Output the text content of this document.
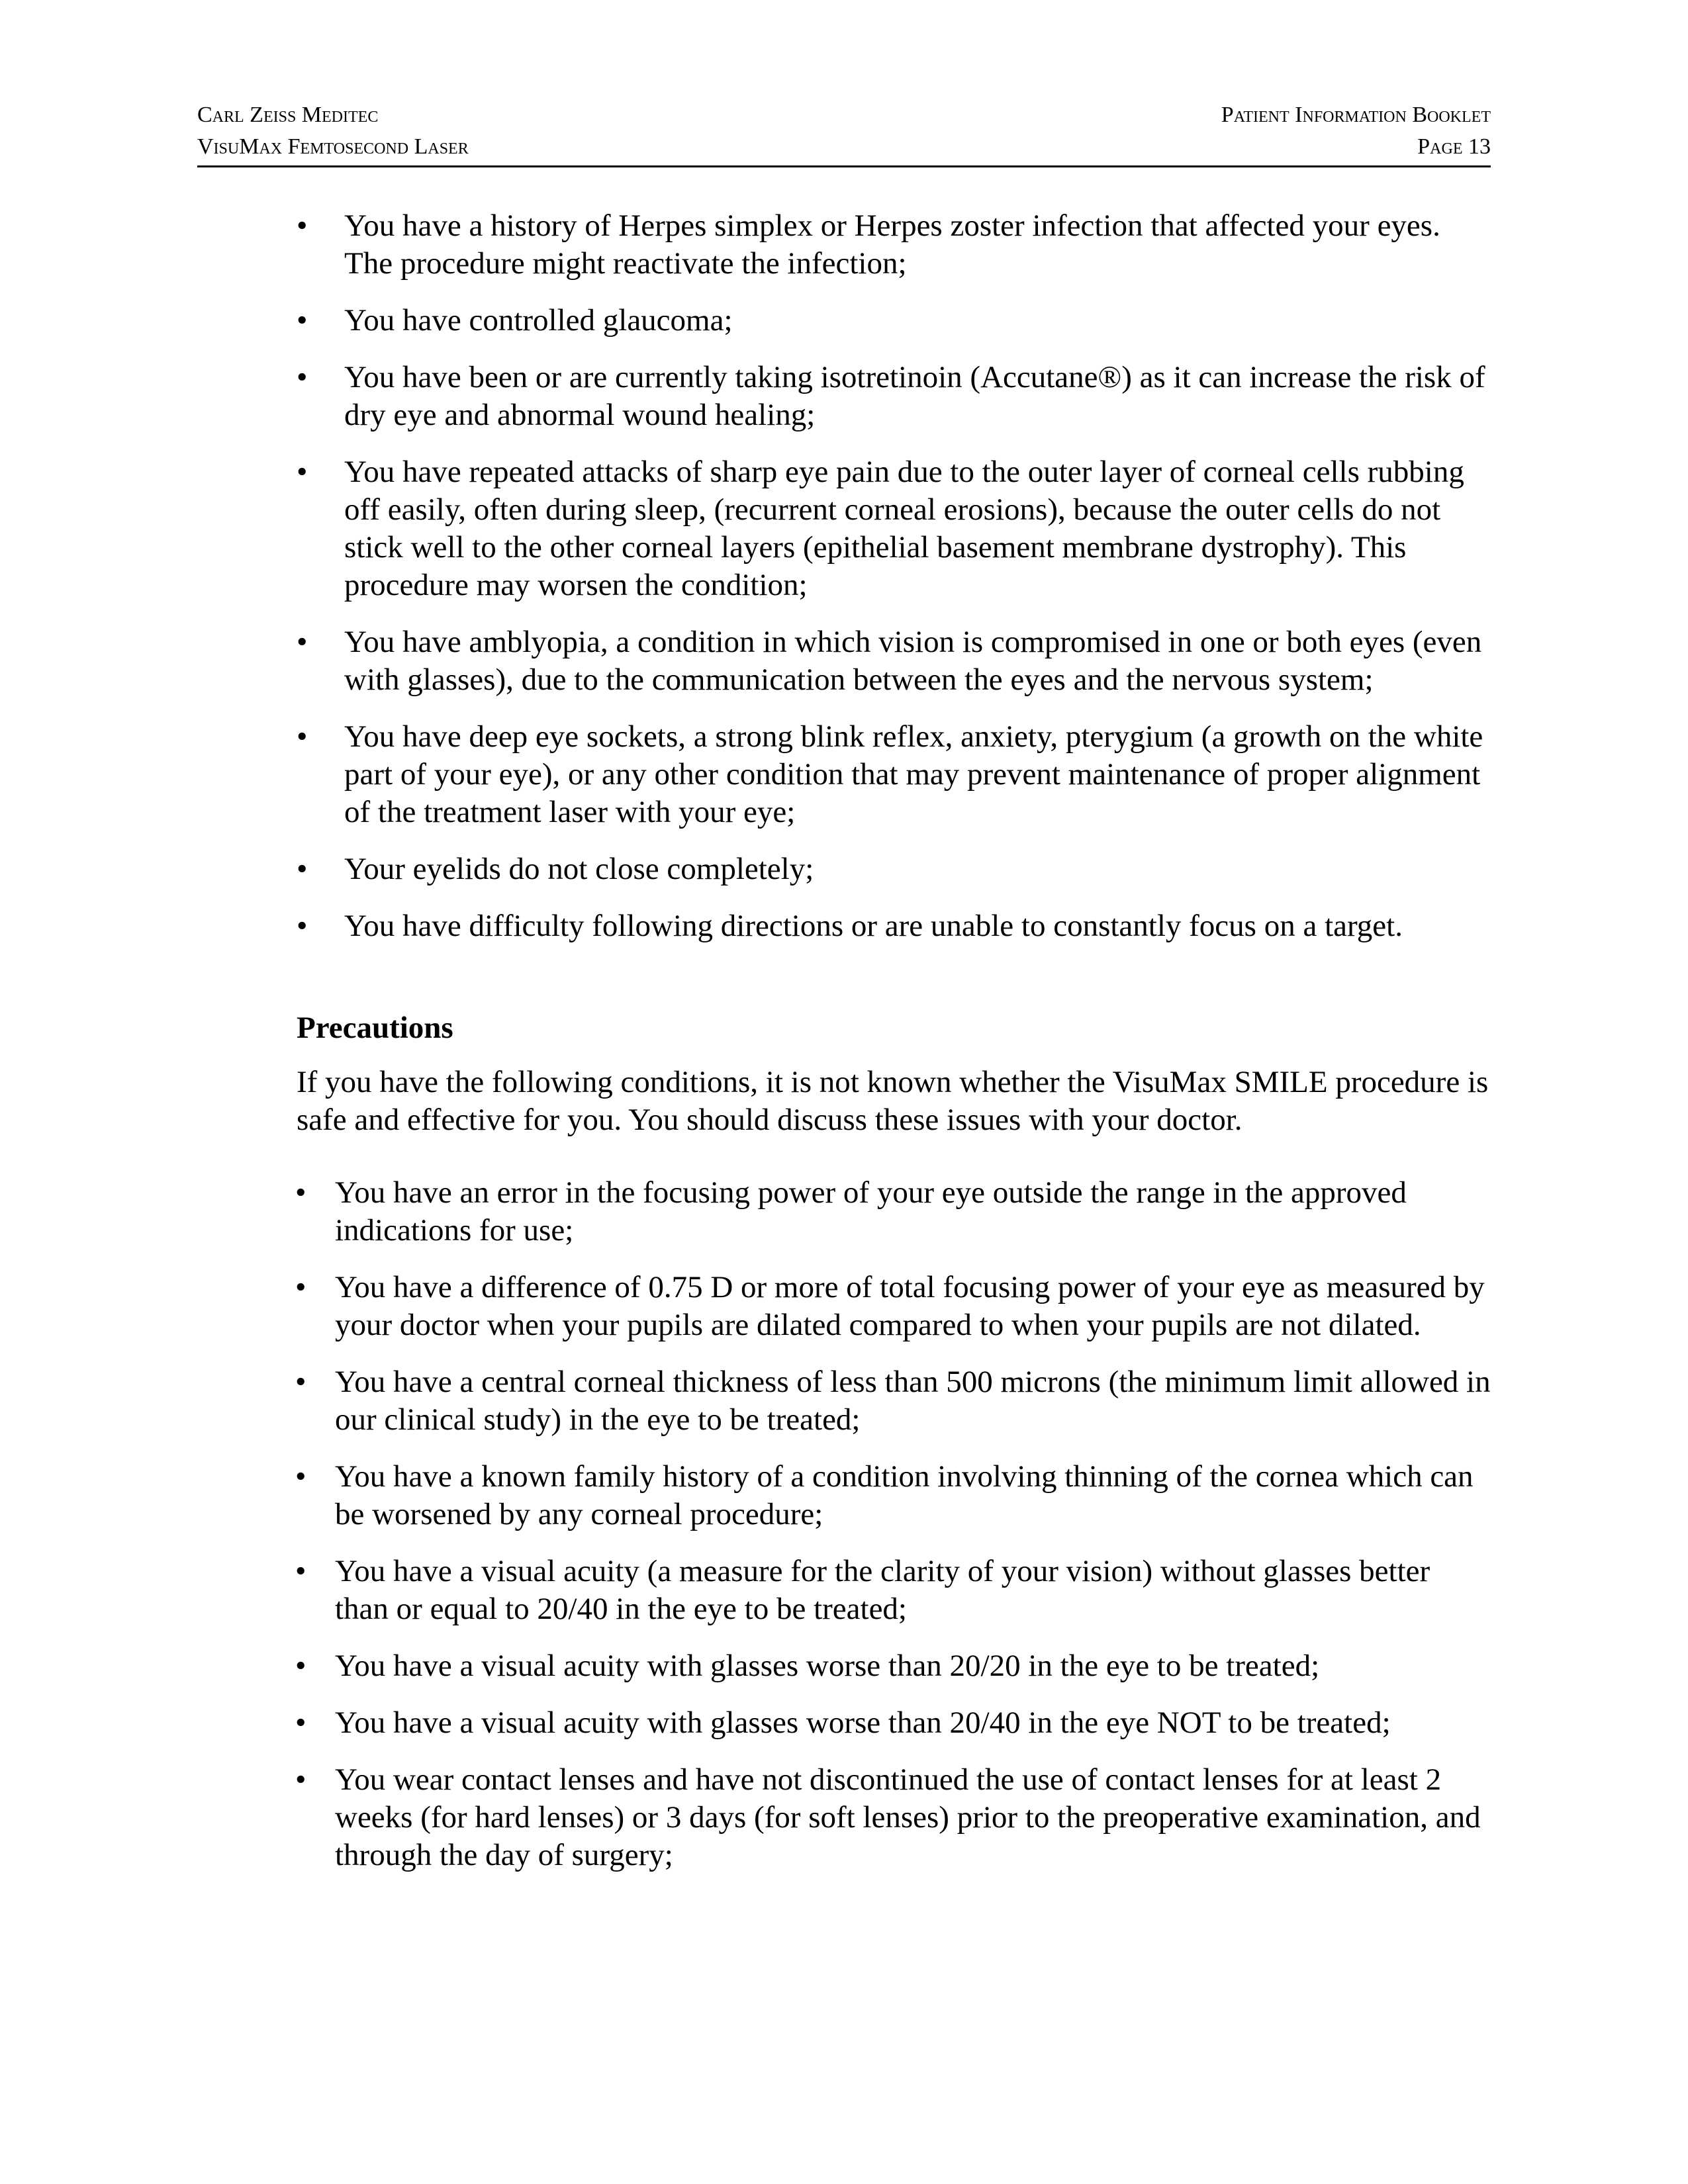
Carl Zeiss Meditec	Patient Information Booklet
VisuMax Femtosecond Laser	Page 13
• You have a history of Herpes simplex or Herpes zoster infection that affected your eyes. The procedure might reactivate the infection;
• You have controlled glaucoma;
• You have been or are currently taking isotretinoin (Accutane®) as it can increase the risk of dry eye and abnormal wound healing;
• You have repeated attacks of sharp eye pain due to the outer layer of corneal cells rubbing off easily, often during sleep, (recurrent corneal erosions), because the outer cells do not stick well to the other corneal layers (epithelial basement membrane dystrophy). This procedure may worsen the condition;
• You have amblyopia, a condition in which vision is compromised in one or both eyes (even with glasses), due to the communication between the eyes and the nervous system;
• You have deep eye sockets, a strong blink reflex, anxiety, pterygium (a growth on the white part of your eye), or any other condition that may prevent maintenance of proper alignment of the treatment laser with your eye;
• Your eyelids do not close completely;
• You have difficulty following directions or are unable to constantly focus on a target.
Precautions

If you have the following conditions, it is not known whether the VisuMax SMILE procedure is safe and effective for you. You should discuss these issues with your doctor.

• You have an error in the focusing power of your eye outside the range in the approved indications for use;
• You have a difference of 0.75 D or more of total focusing power of your eye as measured by your doctor when your pupils are dilated compared to when your pupils are not dilated.
• You have a central corneal thickness of less than 500 microns (the minimum limit allowed in our clinical study) in the eye to be treated;
• You have a known family history of a condition involving thinning of the cornea which can be worsened by any corneal procedure;
• You have a visual acuity (a measure for the clarity of your vision) without glasses better than or equal to 20/40 in the eye to be treated;
• You have a visual acuity with glasses worse than 20/20 in the eye to be treated;
• You have a visual acuity with glasses worse than 20/40 in the eye NOT to be treated;
• You wear contact lenses and have not discontinued the use of contact lenses for at least 2 weeks (for hard lenses) or 3 days (for soft lenses) prior to the preoperative examination, and through the day of surgery;
